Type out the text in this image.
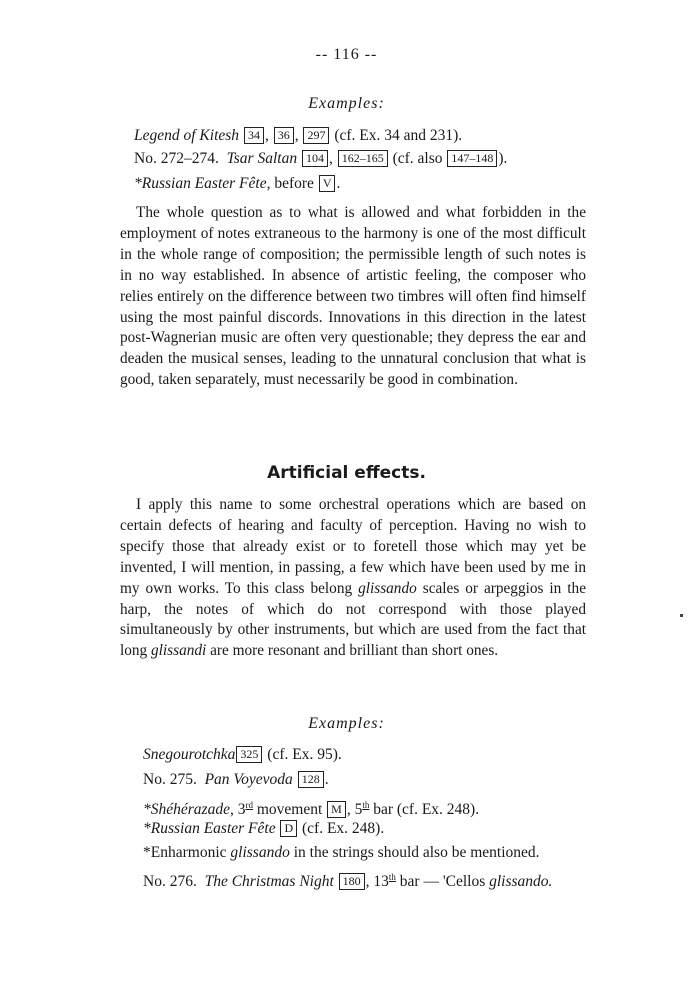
-- 116 --
Examples:
Legend of Kitesh 34 , 36 , 297 (cf. Ex. 34 and 231).
No. 272–274. Tsar Saltan 104 , 162–165 (cf. also 147–148 ).
*Russian Easter Fête, before V .
The whole question as to what is allowed and what forbidden in the employment of notes extraneous to the harmony is one of the most difficult in the whole range of composition; the permissible length of such notes is in no way established. In absence of artistic feeling, the composer who relies entirely on the difference between two timbres will often find himself using the most painful discords. Innovations in this direction in the latest post-Wagnerian music are often very questionable; they depress the ear and deaden the musical senses, leading to the unnatural conclusion that what is good, taken separately, must necessarily be good in combination.
Artificial effects.
I apply this name to some orchestral operations which are based on certain defects of hearing and faculty of perception. Having no wish to specify those that already exist or to foretell those which may yet be invented, I will mention, in passing, a few which have been used by me in my own works. To this class belong glissando scales or arpeggios in the harp, the notes of which do not correspond with those played simultaneously by other instruments, but which are used from the fact that long glissandi are more resonant and brilliant than short ones.
Examples:
Snegourotchka 325 (cf. Ex. 95).
No. 275. Pan Voyevoda 128 .
*Shéhérazade, 3rd movement M , 5th bar (cf. Ex. 248).
*Russian Easter Fête D (cf. Ex. 248).
*Enharmonic glissando in the strings should also be mentioned.
No. 276. The Christmas Night 180 , 13th bar — 'Cellos glissando.
